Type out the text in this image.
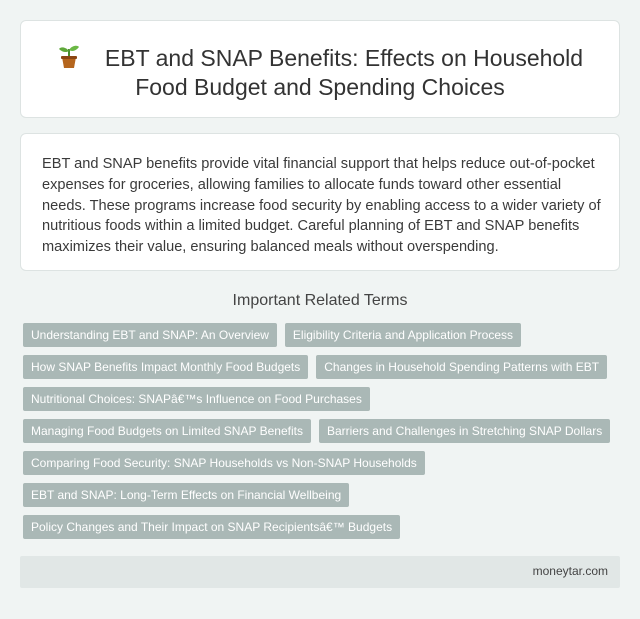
EBT and SNAP Benefits: Effects on Household
Food Budget and Spending Choices

EBT and SNAP benefits provide vital financial support that helps reduce out-of-pocket expenses for groceries, allowing families to allocate funds toward other essential needs. These programs increase food security by enabling access to a wider variety of nutritious foods within a limited budget. Careful planning of EBT and SNAP benefits maximizes their value, ensuring balanced meals without overspending.

Important Related Terms
Understanding EBT and SNAP: An Overview	Eligibility Criteria and Application Process
How SNAP Benefits Impact Monthly Food Budgets	Changes in Household Spending Patterns with EBT
Nutritional Choices: SNAPâ€™s Influence on Food Purchases
Managing Food Budgets on Limited SNAP Benefits	Barriers and Challenges in Stretching SNAP Dollars
Comparing Food Security: SNAP Households vs Non-SNAP Households
EBT and SNAP: Long-Term Effects on Financial Wellbeing
Policy Changes and Their Impact on SNAP Recipientsâ€™ Budgets
moneytar.com
